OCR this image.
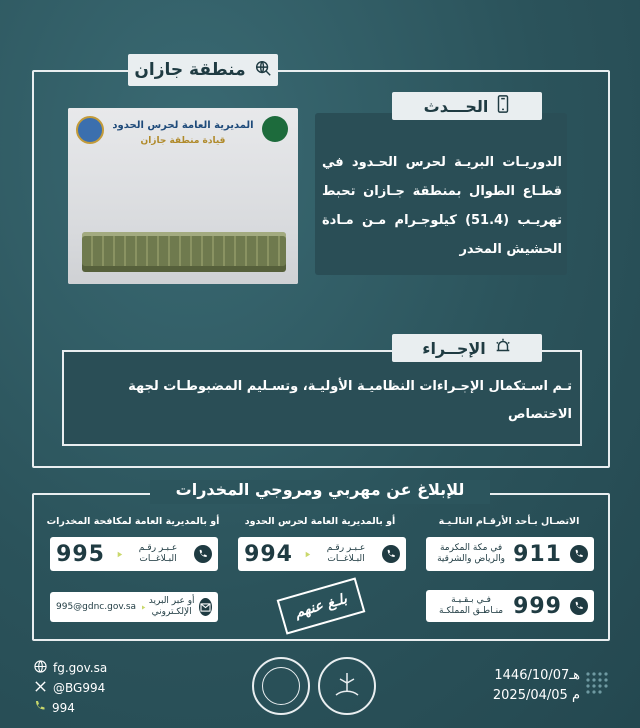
منطقة جازان
المديرية العامة لحرس الحدود
قيادة منطقة جازان
الدوريـات البريـة لحرس الحـدود في قطـاع الطوال بمنطقة جـازان تحبط تهريـب (51.4) كيلوجـرام مـن مـادة الحشيش المخدر
الحـــدث
تـم اسـتكمال الإجـراءات النظاميـة الأوليـة، وتسـليم المضبوطـات لجهة الاختصاص
الإجــراء
للإبلاغ عن مهربي ومروجي المخدرات
الاتصـال بـأحد الأرقـام التالـيـة
أو بالمديرية العامة لحرس الحدود
أو بالمديرية العامة لمكافحة المخدرات
911
في مكة المكرمة والرياض والشرقية
999
فـي بـقـيـة منـاطـق المملكـة
عـبـر رقـم البـلاغــات
994
عـبـر رقـم البـلاغــات
995
أو عبر البريد الإلكـتروني
995@gdnc.gov.sa	بلـغ عنهم
fg.gov.sa
@BG994
994
1446/10/07هـ
2025/04/05 م
